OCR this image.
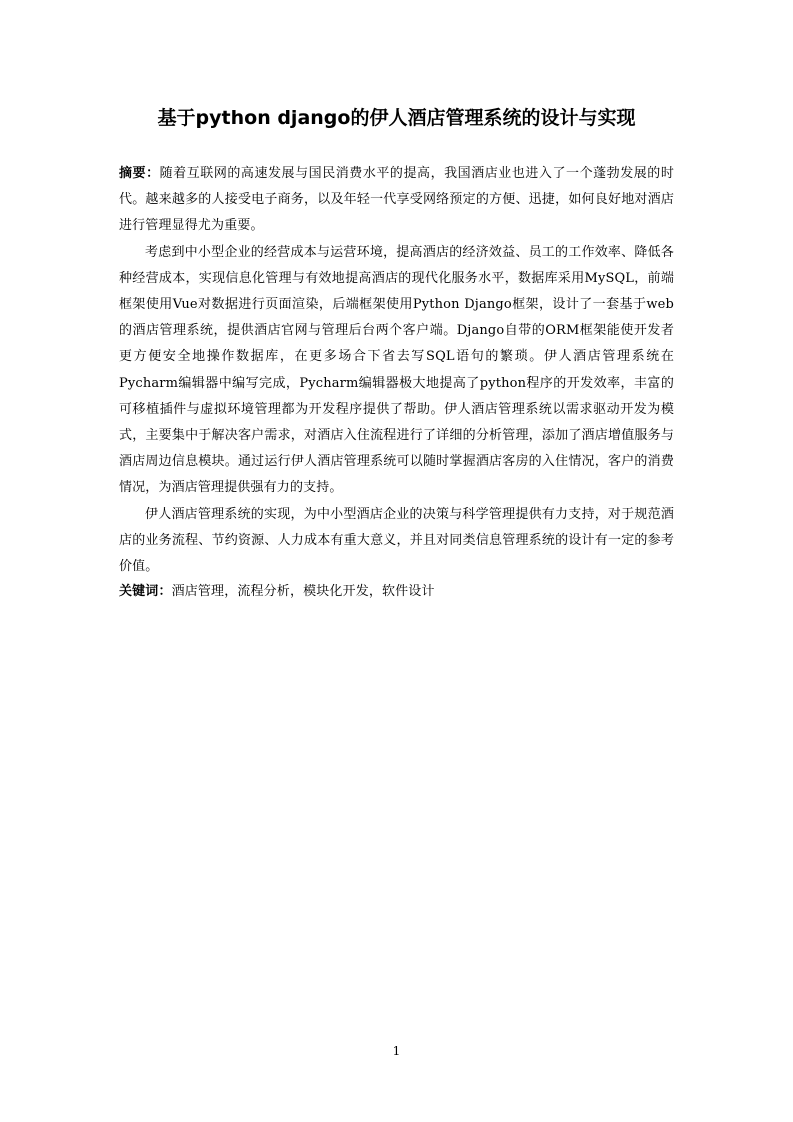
基于python django的伊人酒店管理系统的设计与实现

摘要：随着互联网的高速发展与国民消费水平的提高，我国酒店业也进入了一个蓬勃发展的时代。越来越多的人接受电子商务，以及年轻一代享受网络预定的方便、迅捷，如何良好地对酒店进行管理显得尤为重要。

考虑到中小型企业的经营成本与运营环境，提高酒店的经济效益、员工的工作效率、降低各种经营成本，实现信息化管理与有效地提高酒店的现代化服务水平，数据库采用MySQL，前端框架使用Vue对数据进行页面渲染，后端框架使用Python Django框架，设计了一套基于web的酒店管理系统，提供酒店官网与管理后台两个客户端。Django自带的ORM框架能使开发者更方便安全地操作数据库，在更多场合下省去写SQL语句的繁琐。伊人酒店管理系统在Pycharm编辑器中编写完成，Pycharm编辑器极大地提高了python程序的开发效率，丰富的可移植插件与虚拟环境管理都为开发程序提供了帮助。伊人酒店管理系统以需求驱动开发为模式，主要集中于解决客户需求，对酒店入住流程进行了详细的分析管理，添加了酒店增值服务与酒店周边信息模块。通过运行伊人酒店管理系统可以随时掌握酒店客房的入住情况，客户的消费情况，为酒店管理提供强有力的支持。

伊人酒店管理系统的实现，为中小型酒店企业的决策与科学管理提供有力支持，对于规范酒店的业务流程、节约资源、人力成本有重大意义，并且对同类信息管理系统的设计有一定的参考价值。

关键词：酒店管理，流程分析，模块化开发，软件设计

1
